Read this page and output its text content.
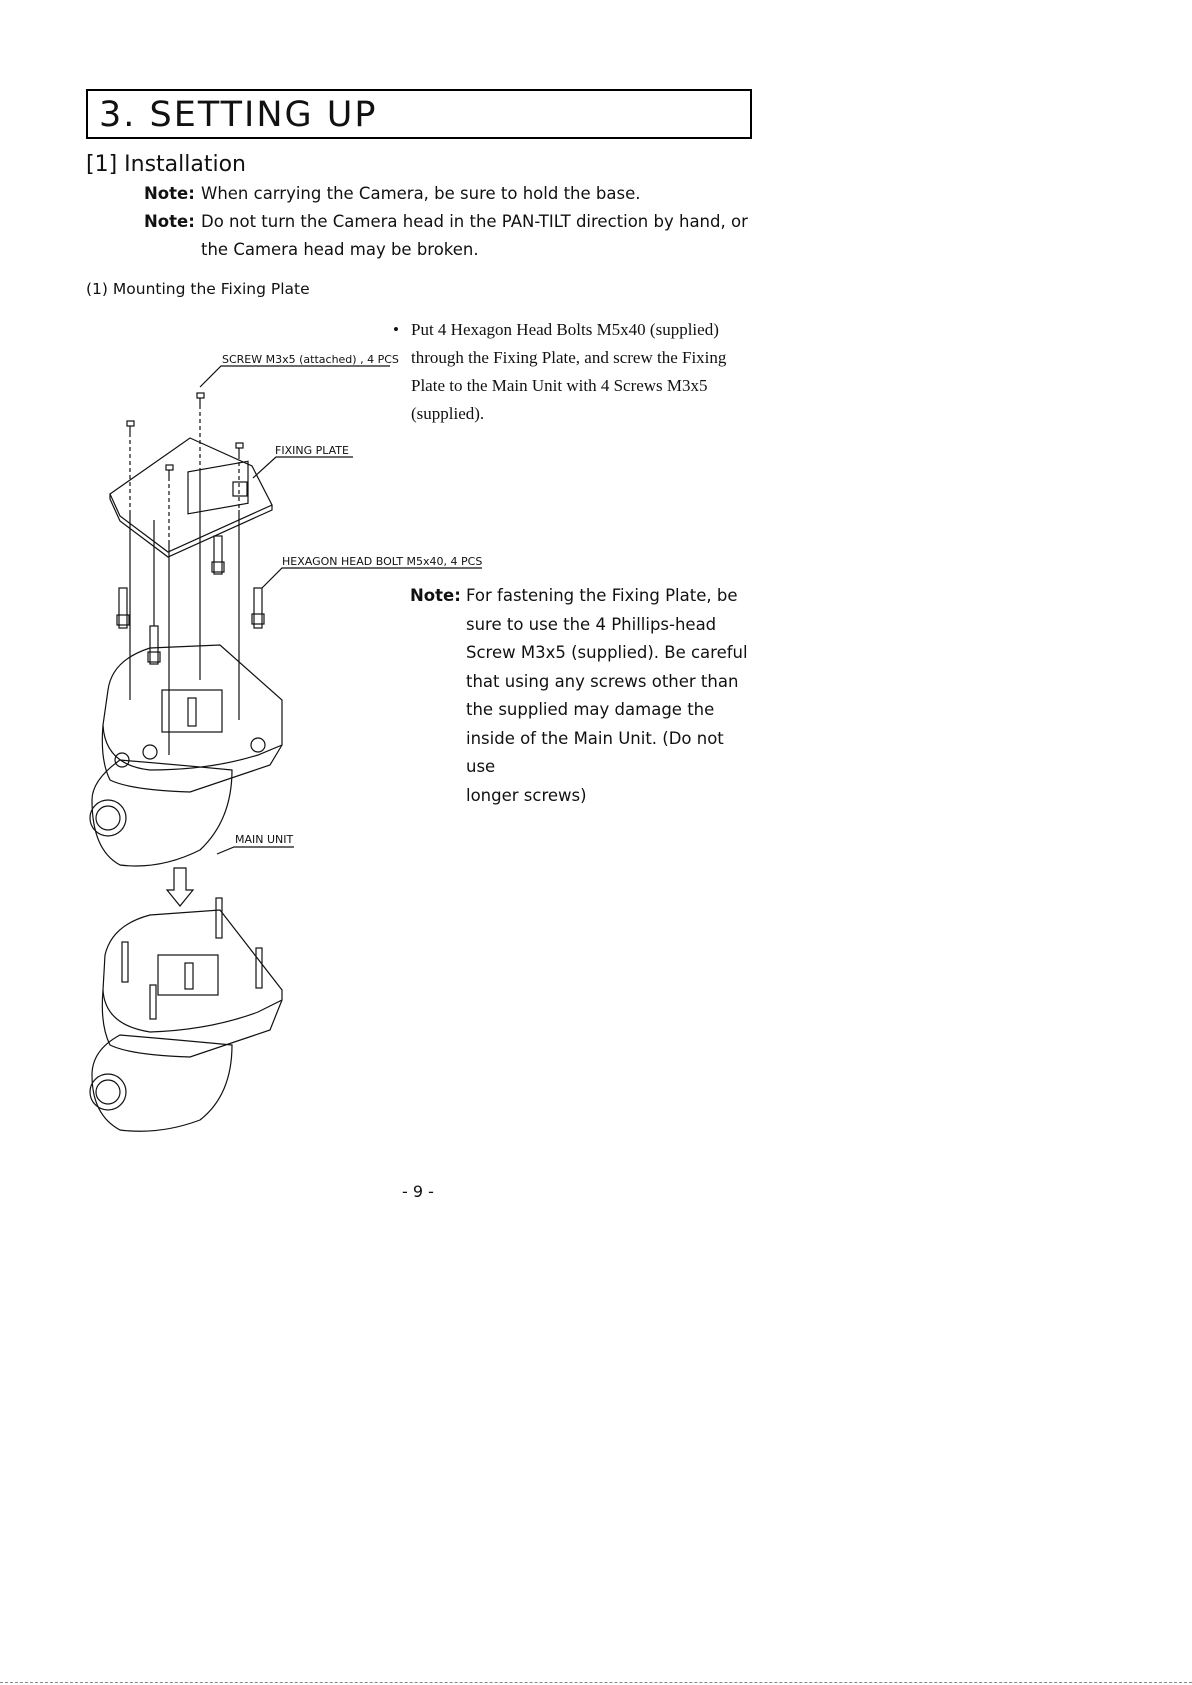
3. SETTING UP
[1] Installation
Note: When carrying the Camera, be sure to hold the base.
Note: Do not turn the Camera head in the PAN-TILT direction by hand, or
the Camera head may be broken.
(1) Mounting the Fixing Plate
• Put 4 Hexagon Head Bolts M5x40 (supplied)
through the Fixing Plate, and screw the Fixing
Plate to the Main Unit with 4 Screws M3x5
(supplied).
Note: For fastening the Fixing Plate, be
sure to use the 4 Phillips-head
Screw M3x5 (supplied). Be careful
that using any screws other than
the supplied may damage the
inside of the Main Unit. (Do not use
longer screws)
SCREW M3x5 (attached) , 4 PCS
FIXING PLATE
HEXAGON HEAD BOLT M5x40, 4 PCS
MAIN UNIT
- 9 -
